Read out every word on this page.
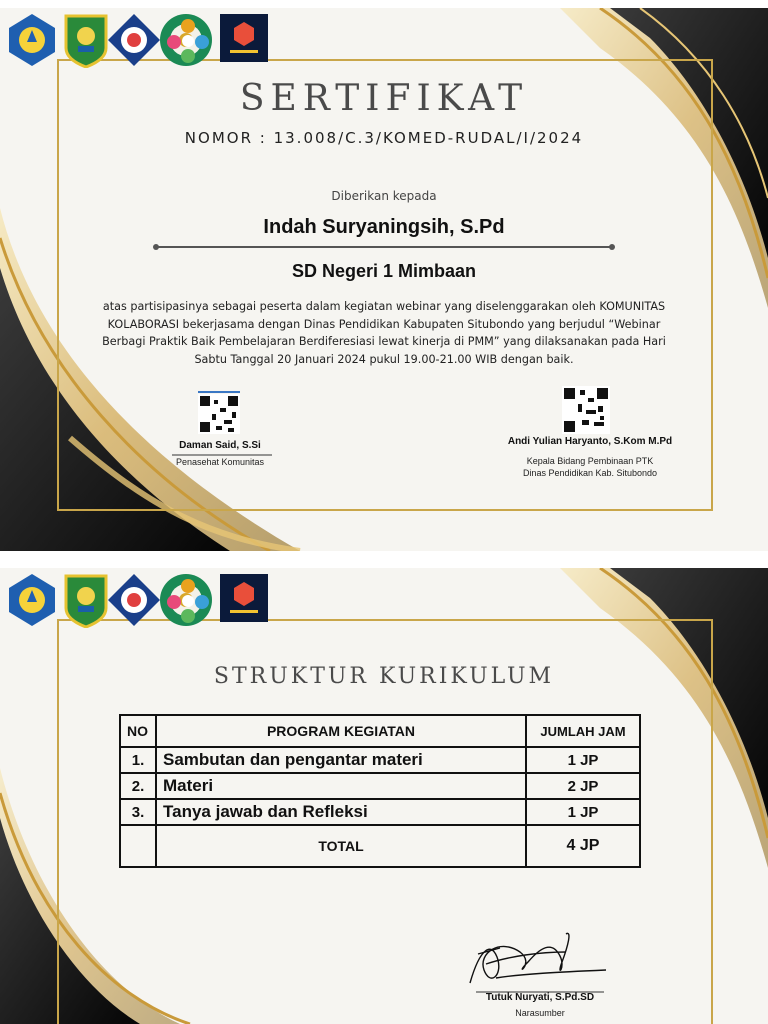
SERTIFIKAT
NOMOR : 13.008/C.3/KOMED-RUDAL/I/2024
Diberikan kepada
Indah Suryaningsih, S.Pd
SD Negeri 1 Mimbaan
atas partisipasinya sebagai peserta dalam kegiatan webinar yang diselenggarakan oleh KOMUNITAS
KOLABORASI bekerjasama dengan Dinas Pendidikan Kabupaten Situbondo yang berjudul “Webinar
Berbagi Praktik Baik Pembelajaran Berdiferesiasi lewat kinerja di PMM” yang dilaksanakan pada Hari
Sabtu Tanggal 20 Januari 2024 pukul 19.00-21.00 WIB dengan baik.
Daman Said, S.Si
Penasehat Komunitas
Andi Yulian Haryanto, S.Kom M.Pd
Kepala Bidang Pembinaan PTK
Dinas Pendidikan Kab. Situbondo
STRUKTUR KURIKULUM
NO	PROGRAM KEGIATAN	JUMLAH JAM
1.	Sambutan dan pengantar materi	1 JP
2.	Materi	2 JP
3.	Tanya jawab dan Refleksi	1 JP
	TOTAL	4 JP
Tutuk Nuryati, S.Pd.SD
Narasumber
